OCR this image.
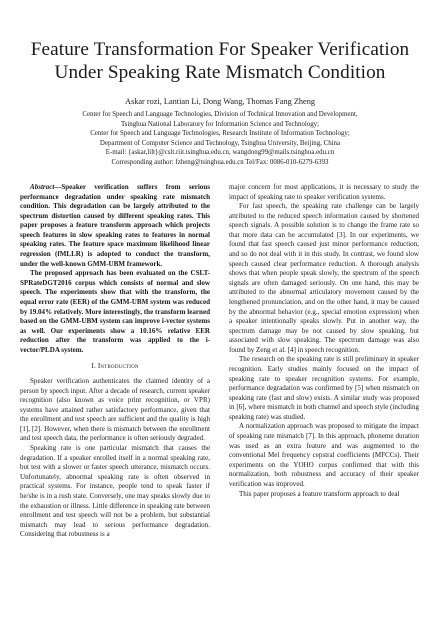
Feature Transformation For Speaker Verification Under Speaking Rate Mismatch Condition
Askar rozi, Lantian Li, Dong Wang, Thomas Fang Zheng
Center for Speech and Language Technologies, Division of Technical Innovation and Development,
Tsinghua National Laboratory for Information Science and Technology;
Center for Speech and Language Technologies, Research Institute of Information Technology;
Department of Computer Science and Technology, Tsinghua University, Beijing, China
E-mail: {askar,lilt}@cslt.riit.tsinghua.edu.cn, wangdong99@mails.tsinghua.edu.cn
Corresponding author: fzheng@tsinghua.edu.cn Tel/Fax: 0086-010-6279-6393

Abstract—Speaker verification suffers from serious performance degradation under speaking rate mismatch condition. This degradation can be largely attributed to the spectrum distortion caused by different speaking rates. This paper proposes a feature transform approach which projects speech features in slow speaking rates to features in normal speaking rates. The feature space maximum likelihood linear regression (fMLLR) is adopted to conduct the transform, under the well-known GMM-UBM framework.

The proposed approach has been evaluated on the CSLT-SPRateDGT2016 corpus which consists of normal and slow speech. The experiments show that with the transform, the equal error rate (EER) of the GMM-UBM system was reduced by 19.04% relatively. More interestingly, the transform learned based on the GMM-UBM system can improve i-vector systems as well. Our experiments show a 10.16% relative EER reduction after the transform was applied to the i-vector/PLDA system.

I. Introduction

Speaker verification authenticates the claimed identity of a person by speech input. After a decade of research, current speaker recognition (also known as voice print recognition, or VPR) systems have attained rather satisfactory performance, given that the enrollment and test speech are sufficient and the quality is high [1], [2]. However, when there is mismatch between the enrollment and test speech data, the performance is often seriously degraded.

Speaking rate is one particular mismatch that causes the degradation. If a speaker enrolled itself in a normal speaking rate, but test with a slower or faster speech utterance, mismatch occurs. Unfortunately, abnormal speaking rate is often observed in practical systems. For instance, people tend to speak faster if he/she is in a rush state. Conversely, one may speaks slowly due to the exhaustion or illness. Little difference in speaking rate between enrollment and test speech will not be a problem, but substantial mismatch may lead to serious performance degradation. Considering that robustness is a

major concern for most applications, it is necessary to study the impact of speaking rate to speaker verification systems.

For fast speech, the speaking rate challenge can be largely attributed to the reduced speech information caused by shortened speech signals. A possible solution is to change the frame rate so that more data can be accumulated [3]. In our experiments, we found that fast speech caused just minor performance reduction, and so do not deal with it in this study. In contrast, we found slow speech caused clear performance reduction. A thorough analysis shows that when people speak slowly, the spectrum of the speech signals are often damaged seriously. On one hand, this may be attributed to the abnormal articulatory movement caused by the lengthened pronunciation, and on the other hand, it may be caused by the abnormal behavior (e.g., special emotion expression) when a speaker intentionally speaks slowly. Put in another way, the spectrum damage may be not caused by slow speaking, but associated with slow speaking. The spectrum damage was also found by Zeng et al. [4] in speech recognition.

The research on the speaking rate is still preliminary in speaker recognition. Early studies mainly focused on the impact of speaking rate to speaker recognition systems. For example, performance degradation was confirmed by [5] when mismatch on speaking rate (fast and slow) exists. A similar study was proposed in [6], where mismatch in both channel and speech style (including speaking rate) was studied.

A normalization approach was proposed to mitigate the impact of speaking rate mismatch [7]. In this approach, phoneme duration was used as an extra feature and was augmented to the conventional Mel frequency cepstral coefficients (MFCCs). Their experiments on the YOHO corpus confirmed that with this normalization, both robustness and accuracy of their speaker verification was improved.

This paper proposes a feature transform approach to deal
